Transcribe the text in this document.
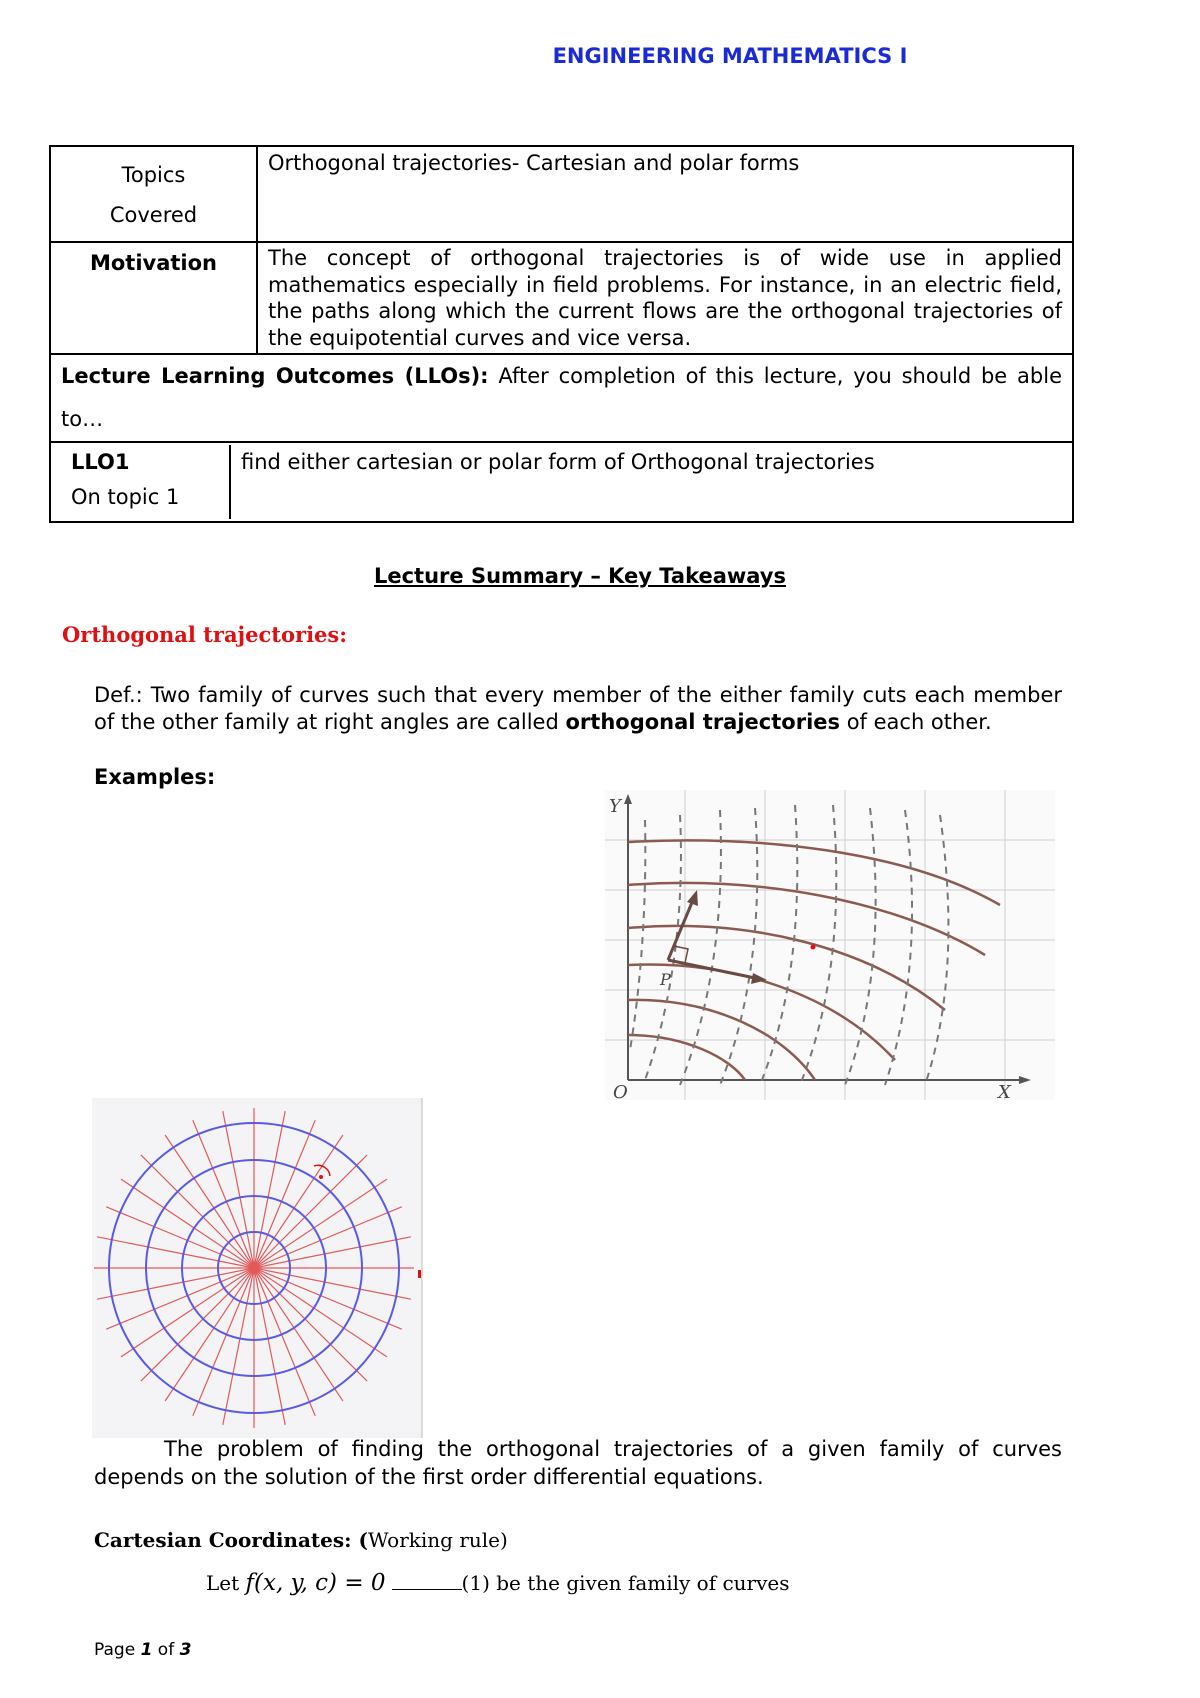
ENGINEERING MATHEMATICS I
Topics
Covered
	Orthogonal trajectories- Cartesian and polar forms
Motivation	The concept of orthogonal trajectories is of wide use in applied mathematics especially in field problems. For instance, in an electric field, the paths along which the current flows are the orthogonal trajectories of the equipotential curves and vice versa.
Lecture Learning Outcomes (LLOs): After completion of this lecture, you should be able to…

LLO1
On topic 1
	find either cartesian or polar form of Orthogonal trajectories
Lecture Summary – Key Takeaways
Orthogonal trajectories:
Def.: Two family of curves such that every member of the either family cuts each member of the other family at right angles are called orthogonal trajectories of each other.
Examples:
Y
X
O
P
The problem of finding the orthogonal trajectories of a given family of curves depends on the solution of the first order differential equations.
Cartesian Coordinates: (Working rule)
Let f(x, y, c) = 0	(1) be the given family of curves
Page 1 of 3
